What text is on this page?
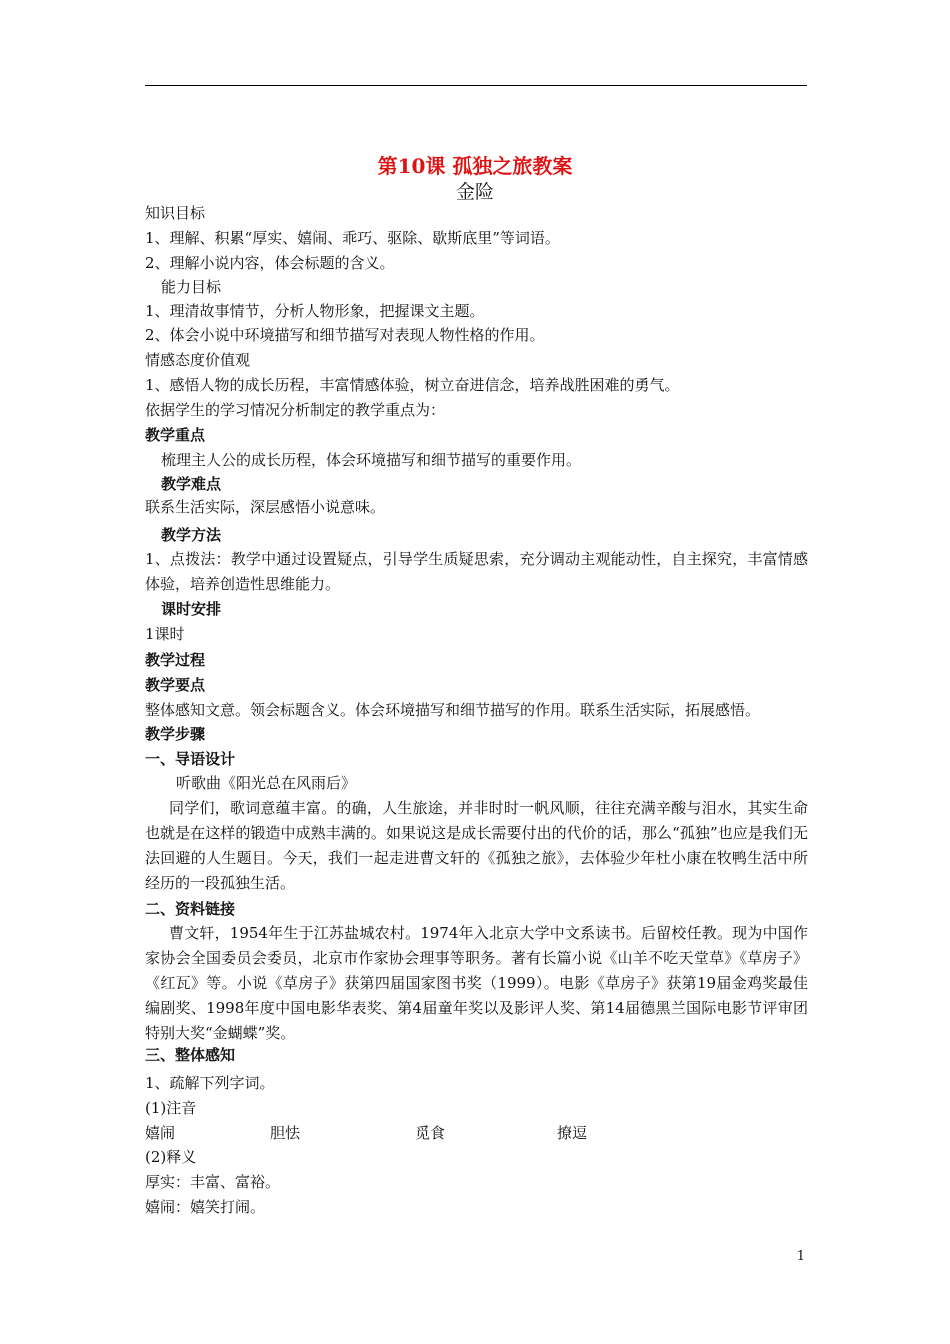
第10课 孤独之旅教案
金险
知识目标
1、理解、积累“厚实、嬉闹、乖巧、驱除、歇斯底里”等词语。
2、理解小说内容，体会标题的含义。
能力目标
1、理清故事情节，分析人物形象，把握课文主题。
2、体会小说中环境描写和细节描写对表现人物性格的作用。
情感态度价值观
1、感悟人物的成长历程，丰富情感体验，树立奋进信念，培养战胜困难的勇气。
依据学生的学习情况分析制定的教学重点为：
教学重点
梳理主人公的成长历程，体会环境描写和细节描写的重要作用。
教学难点
联系生活实际，深层感悟小说意味。
教学方法
1、点拨法：教学中通过设置疑点，引导学生质疑思索，充分调动主观能动性，自主探究，丰富情感体验，培养创造性思维能力。
课时安排
1课时
教学过程
教学要点
整体感知文意。领会标题含义。体会环境描写和细节描写的作用。联系生活实际，拓展感悟。
教学步骤
一、导语设计
听歌曲《阳光总在风雨后》
同学们，歌词意蕴丰富。的确，人生旅途，并非时时一帆风顺，往往充满辛酸与泪水，其实生命也就是在这样的锻造中成熟丰满的。如果说这是成长需要付出的代价的话，那么“孤独”也应是我们无法回避的人生题目。今天，我们一起走进曹文轩的《孤独之旅》，去体验少年杜小康在牧鸭生活中所经历的一段孤独生活。
二、资料链接
曹文轩，1954年生于江苏盐城农村。1974年入北京大学中文系读书。后留校任教。现为中国作家协会全国委员会委员，北京市作家协会理事等职务。著有长篇小说《山羊不吃天堂草》《草房子》《红瓦》等。小说《草房子》获第四届国家图书奖（1999）。电影《草房子》获第19届金鸡奖最佳编剧奖、1998年度中国电影华表奖、第4届童年奖以及影评人奖、第14届德黑兰国际电影节评审团特别大奖“金蝴蝶”奖。
三、整体感知
1、疏解下列字词。
(1)注音
嬉闹	胆怯	觅食	撩逗
(2)释义
厚实：丰富、富裕。
嬉闹：嬉笑打闹。
1
